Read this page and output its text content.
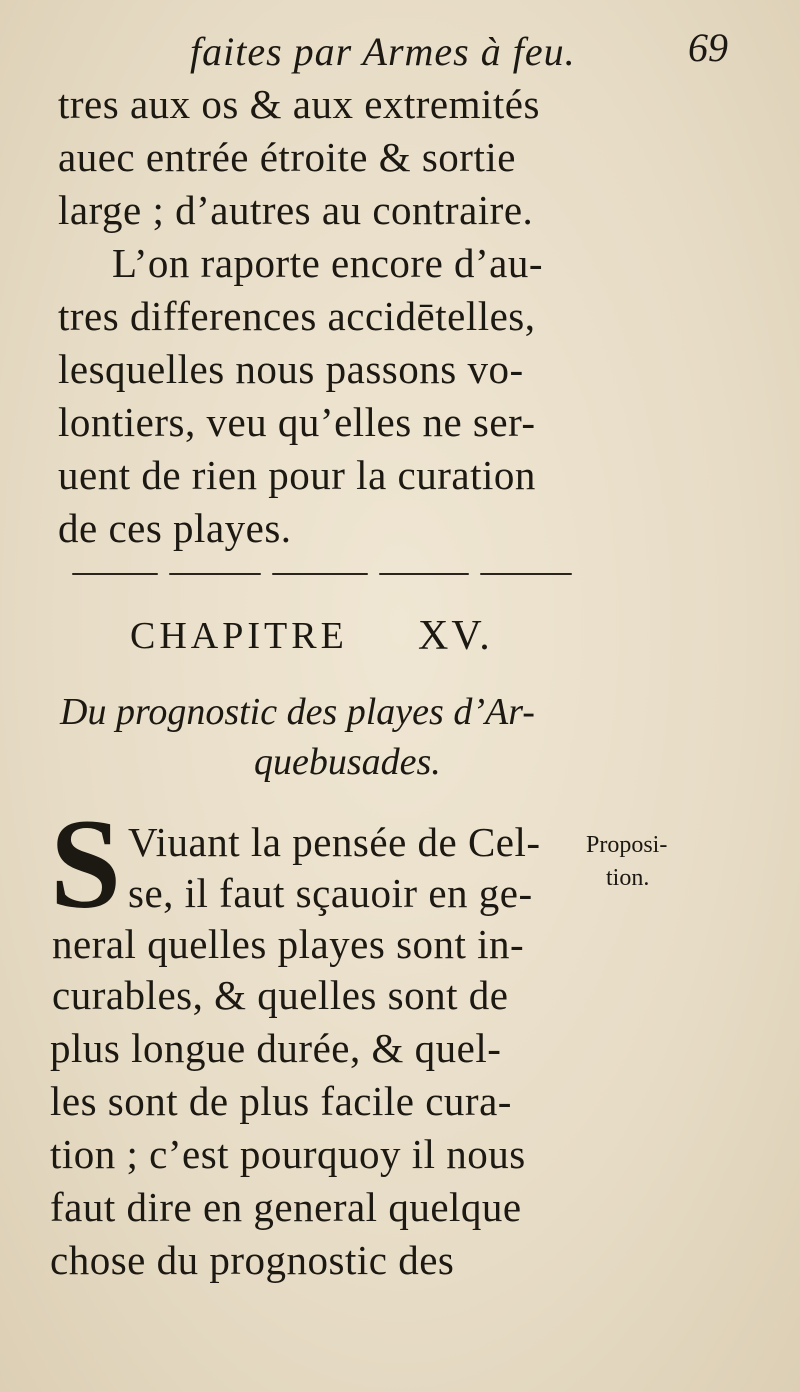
faites par Armes à feu.	69
tres aux os & aux extremités
auec entrée étroite & sortie
large ; d’autres au contraire.
L’on raporte encore d’au-
tres differences accidētelles,
lesquelles nous passons vo-
lontiers, veu qu’elles ne ser-
uent de rien pour la curation
de ces playes.
CHAPITRE XV.
Du prognostic des playes d’Ar-
quebusades.
S Viuant la pensée de Cel-
se, il faut sçauoir en ge-
neral quelles playes sont in-
curables, & quelles sont de
plus longue durée, & quel-
les sont de plus facile cura-
tion ; c’est pourquoy il nous
faut dire en general quelque
chose du prognostic des
Proposi-
tion.
